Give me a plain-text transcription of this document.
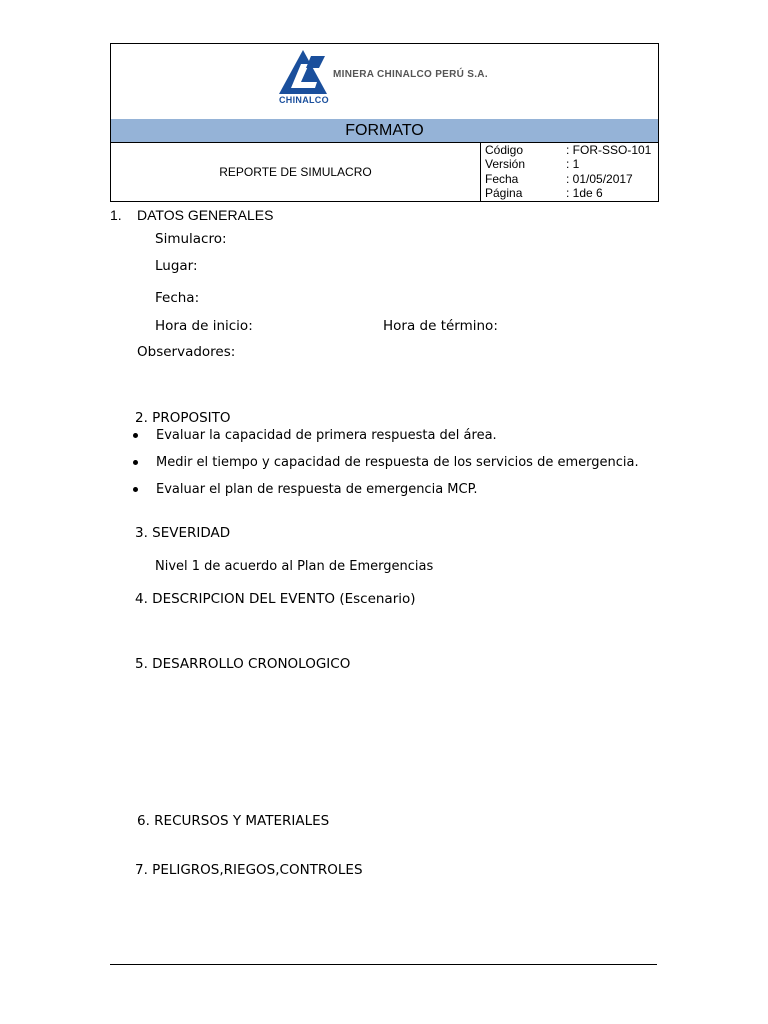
MINERA CHINALCO PERÚ S.A.
CHINALCO
FORMATO
REPORTE DE SIMULACRO
Código	: FOR-SSO-101
Versión	: 1
Fecha	: 01/05/2017
Página	: 1de 6
1. DATOS GENERALES
Simulacro:
Lugar:
Fecha:
Hora de inicio:	Hora de término:
Observadores:
2. PROPOSITO
Evaluar la capacidad de primera respuesta del área.
Medir el tiempo y capacidad de respuesta de los servicios de emergencia.
Evaluar el plan de respuesta de emergencia MCP.
3. SEVERIDAD
Nivel 1 de acuerdo al Plan de Emergencias
4. DESCRIPCION DEL EVENTO (Escenario)
5. DESARROLLO CRONOLOGICO
6. RECURSOS Y MATERIALES
7. PELIGROS,RIEGOS,CONTROLES
